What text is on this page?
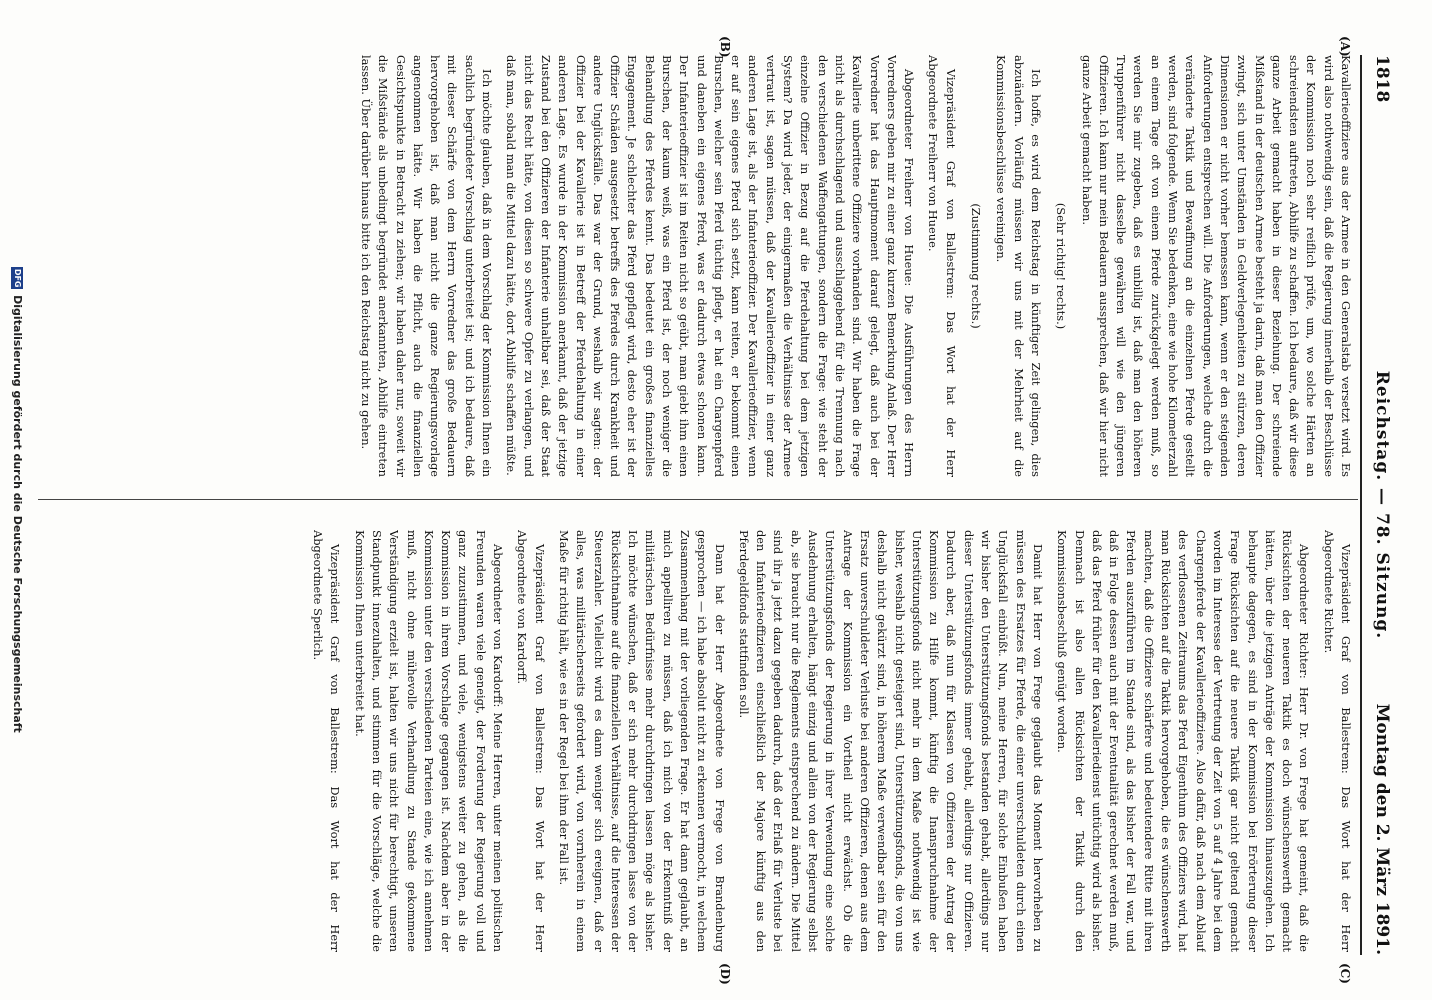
1818
Reichstag. — 78. Sitzung.
Montag den 2. März 1891.
(A)
(B)
(C)
(D)

Kavallerieoffiziere aus der Armee in den Generalstab versetzt wird. Es wird also nothwendig sein, daß die Regierung innerhalb der Beschlüsse der Kommission noch sehr reiflich prüfe, um, wo solche Härten an schreiendsten auftreten, Abhilfe zu schaffen. Ich bedaure, daß wir diese ganze Arbeit gemacht haben in dieser Beziehung. Der schreiende Mißstand in der deutschen Armee besteht ja darin, daß man den Offizier zwingt, sich unter Umständen in Geldverlegenheiten zu stürzen, deren Dimensionen er nicht vorher bemessen kann, wenn er den steigenden Anforderungen entsprechen will. Die Anforderungen, welche durch die veränderte Taktik und Bewaffnung an die einzelnen Pferde gestellt werden, sind folgende. Wenn Sie bedenken, eine wie hohe Kilometerzahl an einem Tage oft von einem Pferde zurückgelegt werden muß, so werden Sie mir zugeben, daß es unbillig ist, daß man den höheren Truppenführer nicht dasselbe gewähren will wie den jüngeren Offizieren. Ich kann nur mein Bedauern aussprechen, daß wir hier nicht ganze Arbeit gemacht haben.

(Sehr richtig! rechts.)

Ich hoffe, es wird dem Reichstag in künftiger Zeit gelingen, dies abzuändern. Vorläufig müssen wir uns mit der Mehrheit auf die Kommissionsbeschlüsse vereinigen.

(Zustimmung rechts.)

Vizepräsident Graf von Ballestrem: Das Wort hat der Herr Abgeordnete Freiherr von Hueue.

Abgeordneter Freiherr von Hueue: Die Ausführungen des Herrn Vorredners geben mir zu einer ganz kurzen Bemerkung Anlaß. Der Herr Vorredner hat das Hauptmoment darauf gelegt, daß auch bei der Kavallerie unberittene Offiziere vorhanden sind. Wir haben die Frage nicht als durchschlagend und ausschlaggebend für die Trennung nach den verschiedenen Waffengattungen, sondern die Frage: wie steht der einzelne Offizier in Bezug auf die Pferdehaltung bei dem jetzigen System? Da wird jeder, der einigermaßen die Verhältnisse der Armee vertraut ist, sagen müssen, daß der Kavallerieoffizier in einer ganz anderen Lage ist, als der Infanterieoffizier. Der Kavallerieoffizier, wenn er auf sein eigenes Pferd sich setzt, kann reiten, er bekommt einen Burschen, welcher sein Pferd tüchtig pflegt, er hat ein Chargenpferd und daneben ein eigenes Pferd, was er dadurch etwas schonen kann. Der Infanterieoffizier ist im Reiten nicht so geübt, man giebt ihm einen Burschen, der kaum weiß, was ein Pferd ist, der noch weniger die Behandlung des Pferdes kennt. Das bedeutet ein großes finanzielles Engagement. Je schlechter das Pferd gepflegt wird, desto eher ist der Offizier Schäden ausgesetzt betreffs des Pferdes durch Krankheit und andere Unglücksfälle. Das war der Grund, weshalb wir sagten: der Offizier bei der Kavallerie ist in Betreff der Pferdehaltung in einer anderen Lage. Es wurde in der Kommission anerkannt, daß der jetzige Zustand bei den Offizieren der Infanterie unhaltbar sei, daß der Staat nicht das Recht hätte, von diesen so schwere Opfer zu verlangen, und daß man, sobald man die Mittel dazu hätte, dort Abhilfe schaffen müßte.

Ich möchte glauben, daß in dem Vorschlag der Kommission Ihnen ein sachlich begründeter Vorschlag unterbreitet ist; und ich bedaure, daß mit dieser Schärfe von dem Herrn Vorredner das große Bedauern hervorgehoben ist, daß man nicht die ganze Regierungsvorlage angenommen hätte. Wir haben die Pflicht, auch die finanziellen Gesichtspunkte in Betracht zu ziehen; wir haben daher nur, soweit wir die Mißstände als unbedingt begründet anerkannten, Abhilfe eintreten lassen. Über darüber hinaus bitte ich den Reichstag nicht zu gehen.

Vizepräsident Graf von Ballestrem: Das Wort hat der Herr Abgeordnete Richter.

Abgeordneter Richter: Herr Dr. von Frege hat gemeint, daß die Rücksichten der neueren Taktik es doch wünschenswerth gemacht hätten, über die jetzigen Anträge der Kommission hinauszugehen. Ich behaupte dagegen, es sind in der Kommission bei Erörterung dieser Frage Rücksichten auf die neuere Taktik gar nicht geltend gemacht worden im Interesse der Vertretung der Zeit von 5 auf 4 Jahre bei dem Chargenpferde der Kavallerieoffiziere. Also dafür, daß nach dem Ablauf des verflossenen Zeitraums das Pferd Eigenthum des Offiziers wird, hat man Rücksichten auf die Taktik hervorgehoben, die es wünschenswerth machten, daß die Offiziere schärfere und bedeutendere Ritte mit ihren Pferden auszuführen im Stande sind, als das bisher der Fall war, und daß in Folge dessen auch mit der Eventualität gerechnet werden muß, daß das Pferd früher für den Kavalleriedienst untüchtig wird als bisher. Demnach ist also allen Rücksichten der Taktik durch den Kommissionsbeschluß genügt worden.

Damit hat Herr von Frege geglaubt das Moment hervorheben zu müssen des Ersatzes für Pferde, die einer unverschuldeten durch einen Unglücksfall einbüßt. Nun, meine Herren, für solche Einbußen haben wir bisher den Unterstützungsfonds bestanden gehabt, allerdings nur dieser Unterstützungsfonds immer gehabt, allerdings nur Offizieren. Dadurch aber, daß nun für Klassen von Offizieren der Antrag der Kommission zu Hilfe kommt, künftig die Inanspruchnahme der Unterstützungsfonds nicht mehr in dem Maße nothwendig ist wie bisher, weshalb nicht gesteigert sind, Unterstützungsfonds, die von uns deshalb nicht gekürzt sind, in höherem Maße verwendbar sein für den Ersatz unverschuldeter Verluste bei anderen Offizieren, denen aus dem Antrage der Kommission ein Vortheil nicht erwächst. Ob die Unterstützungsfonds der Regierung in ihrer Verwendung eine solche Ausdehnung erhalten, hängt einzig und allein von der Regierung selbst ab, sie braucht nur die Reglements entsprechend zu ändern. Die Mittel sind ihr ja jetzt dazu gegeben dadurch, daß der Erlaß für Verluste bei den Infanterieoffizieren einschließlich der Majore künftig aus den Pferdegeldfonds stattfinden soll.

Dann hat der Herr Abgeordnete von Frege von Brandenburg gesprochen — ich habe absolut nicht zu erkennen vermocht, in welchem Zusammenhang mit der vorliegenden Frage. Er hat dann geglaubt, an mich appelliren zu müssen, daß ich mich von der Erkenntniß der militärischen Bedürfnisse mehr durchdringen lassen möge als bisher. Ich möchte wünschen, daß er sich mehr durchdringen lasse von der Rücksichtnahme auf die finanziellen Verhältnisse, auf die Interessen der Steuerzahler. Vielleicht wird es dann weniger sich ereignen, daß er alles, was militärischerseits gefordert wird, von vornherein in einem Maße für richtig hält, wie es in der Regel bei ihm der Fall ist.

Vizepräsident Graf von Ballestrem: Das Wort hat der Herr Abgeordnete von Kardorff.

Abgeordneter von Kardorff: Meine Herren, unter meinen politischen Freunden waren viele geneigt, der Forderung der Regierung voll und ganz zuzustimmen, und viele, wenigstens weiter zu gehen, als die Kommission in ihrem Vorschlage gegangen ist. Nachdem aber in der Kommission unter den verschiedenen Parteien eine, wie ich annehmen muß, nicht ohne mühevolle Verhandlung zu Stande gekommene Verständigung erzielt ist, halten wir uns nicht für berechtigt, unseren Standpunkt innezuhalten, und stimmen für die Vorschläge, welche die Kommission Ihnen unterbreitet hat.

Vizepräsident Graf von Ballestrem: Das Wort hat der Herr Abgeordnete Sperlich.

DFGDigitalisierung gefördert durch die Deutsche Forschungsgemeinschaft
